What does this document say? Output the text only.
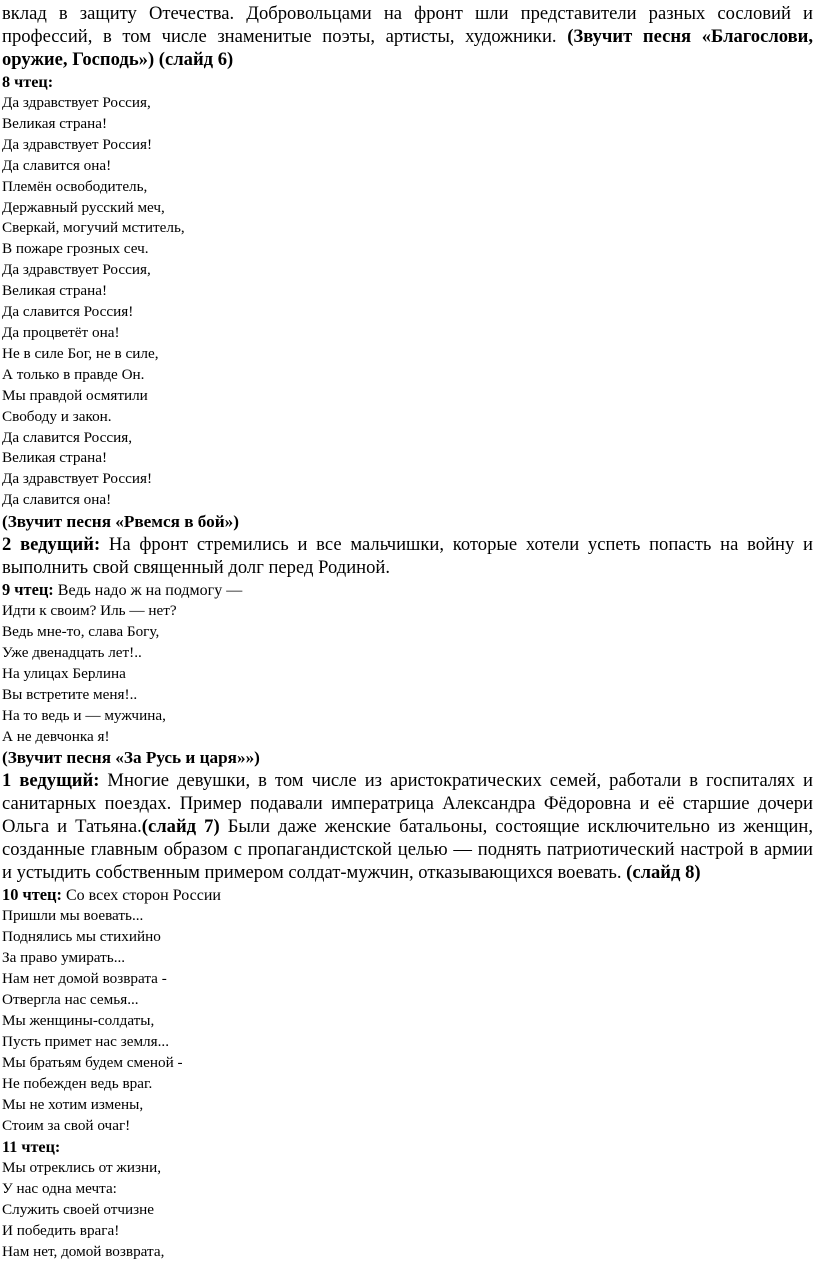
вклад в защиту Отечества. Добровольцами на фронт шли представители разных сословий и профессий, в том числе знаменитые поэты, артисты, художники. (Звучит песня «Благослови, оружие, Господь») (слайд 6)

8 чтец:

Да здравствует Россия,

Великая страна!

Да здравствует Россия!

Да славится она!

Племён освободитель,

Державный русский меч,

Сверкай, могучий мститель,

В пожаре грозных сеч.

Да здравствует Россия,

Великая страна!

Да славится Россия!

Да процветёт она!

Не в силе Бог, не в силе,

А только в правде Он.

Мы правдой осмятили

Свободу и закон.

Да славится Россия,

Великая страна!

Да здравствует Россия!

Да славится она!

(Звучит песня «Рвемся в бой»)

2 ведущий: На фронт стремились и все мальчишки, которые хотели успеть попасть на войну и выполнить свой священный долг перед Родиной.

9 чтец: Ведь надо ж на подмогу —

Идти к своим? Иль — нет?

Ведь мне-то, слава Богу,

Уже двенадцать лет!..

На улицах Берлина

Вы встретите меня!..

На то ведь и — мужчина,

А не девчонка я!

(Звучит песня «За Русь и царя»»)

1 ведущий: Многие девушки, в том числе из аристократических семей, работали в госпиталях и санитарных поездах. Пример подавали императрица Александра Фёдоровна и её старшие дочери Ольга и Татьяна.(слайд 7) Были даже женские батальоны, состоящие исключительно из женщин, созданные главным образом с пропагандистской целью — поднять патриотический настрой в армии и устыдить собственным примером солдат-мужчин, отказывающихся воевать. (слайд 8)

10 чтец: Со всех сторон России

Пришли мы воевать...

Поднялись мы стихийно

За право умирать...

Нам нет домой возврата -

Отвергла нас семья...

Мы женщины-солдаты,

Пусть примет нас земля...

Мы братьям будем сменой -

Не побежден ведь враг.

Мы не хотим измены,

Стоим за свой очаг!

11 чтец:

Мы отреклись от жизни,

У нас одна мечта:

Служить своей отчизне

И победить врага!

Нам нет, домой возврата,
